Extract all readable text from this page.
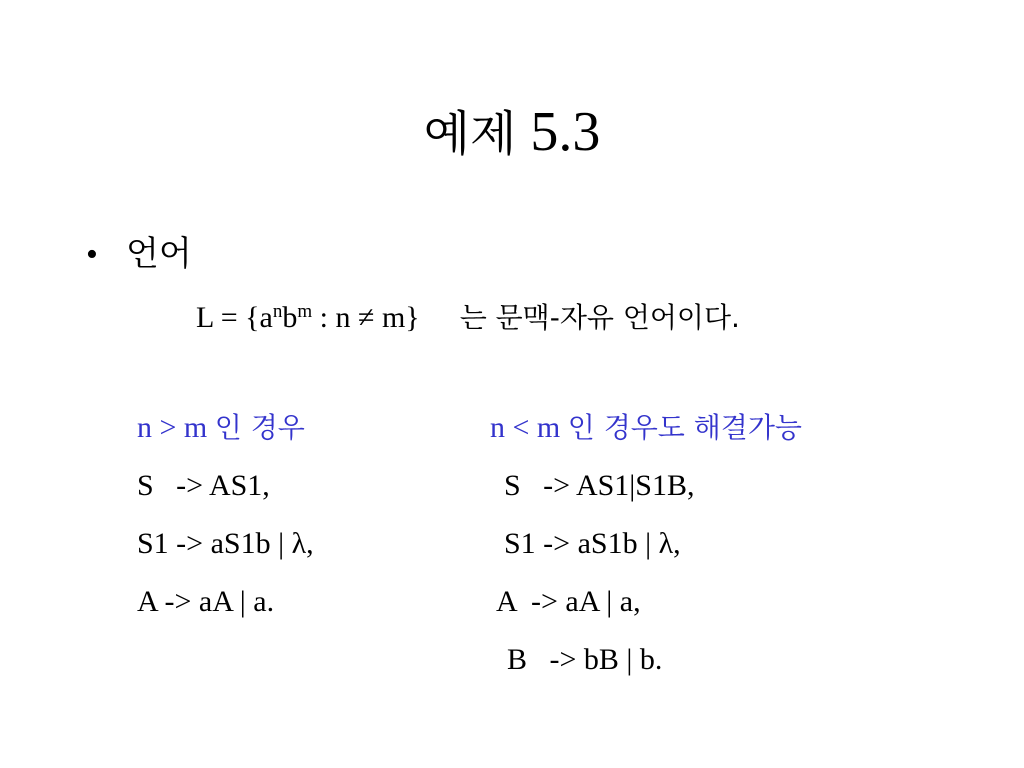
예제 5.3
• 언어
$L = \{a^nb^m$ : n ≠ m} 는 문맥-자유 언어이다.
n > m 인 경우
S   -> AS1,
S1 -> aS1b | λ,
A -> aA | a.
n < m 인 경우도 해결가능
S   -> AS1|S1B,
S1 -> aS1b | λ,
A  -> aA | a,
B   -> bB | b.
